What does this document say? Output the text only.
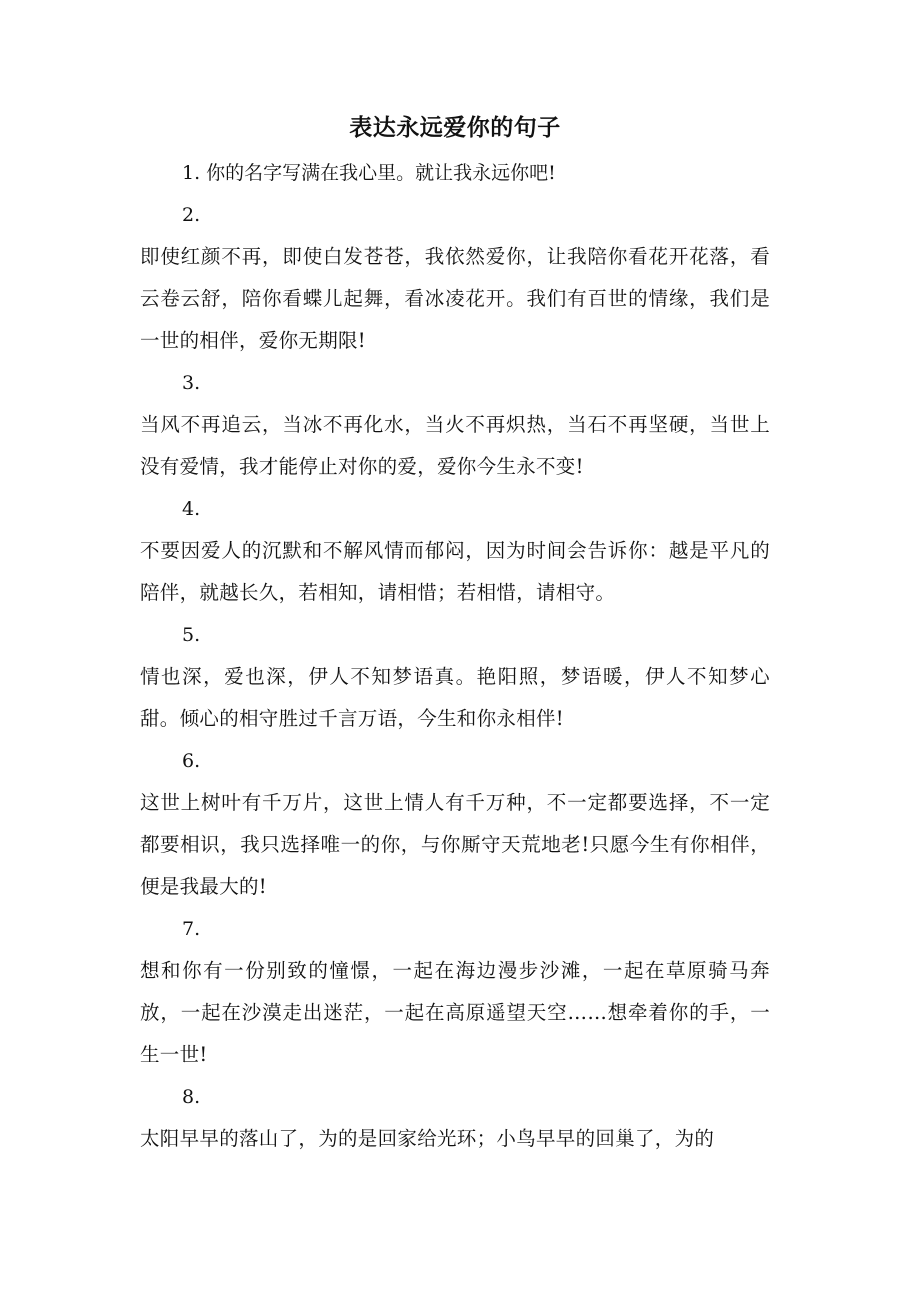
表达永远爱你的句子
1. 你的名字写满在我心里。就让我永远你吧!
2.
即使红颜不再，即使白发苍苍，我依然爱你，让我陪你看花开花落，看云卷云舒，陪你看蝶儿起舞，看冰凌花开。我们有百世的情缘，我们是一世的相伴，爱你无期限!
3.
当风不再追云，当冰不再化水，当火不再炽热，当石不再坚硬，当世上没有爱情，我才能停止对你的爱，爱你今生永不变!
4.
不要因爱人的沉默和不解风情而郁闷，因为时间会告诉你：越是平凡的陪伴，就越长久，若相知，请相惜；若相惜，请相守。
5.
情也深，爱也深，伊人不知梦语真。艳阳照，梦语暖，伊人不知梦心甜。倾心的相守胜过千言万语，今生和你永相伴!
6.
这世上树叶有千万片，这世上情人有千万种，不一定都要选择，不一定都要相识，我只选择唯一的你，与你厮守天荒地老!只愿今生有你相伴，便是我最大的!
7.
想和你有一份别致的憧憬，一起在海边漫步沙滩，一起在草原骑马奔放，一起在沙漠走出迷茫，一起在高原遥望天空……想牵着你的手，一生一世!
8.
太阳早早的落山了，为的是回家给光环；小鸟早早的回巢了，为的
